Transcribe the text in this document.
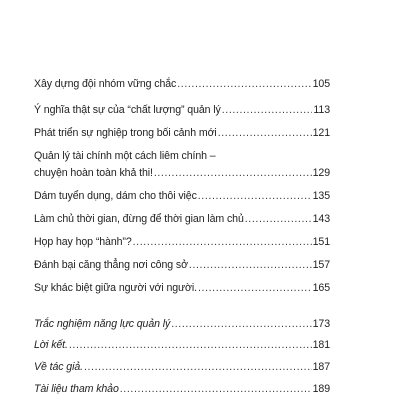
Xây dựng đội nhóm vững chắc .....	105
Ý nghĩa thật sự của “chất lượng” quản lý .....	113
Phát triển sự nghiệp trong bối cảnh mới .....	121
Quản lý tài chính một cách liêm chính –
chuyện hoàn toàn khả thi! .....	129
Dám tuyển dụng, dám cho thôi việc .....	135
Làm chủ thời gian, đừng để thời gian làm chủ .....	143
Họp hay họp “hành”? .....	151
Đánh bại căng thẳng nơi công sở .....	157
Sự khác biệt giữa người với người. .....	165
Trắc nghiệm năng lực quản lý .....	173
Lời kết. .....	181
Về tác giả. .....	187
Tài liệu tham khảo .....	189
